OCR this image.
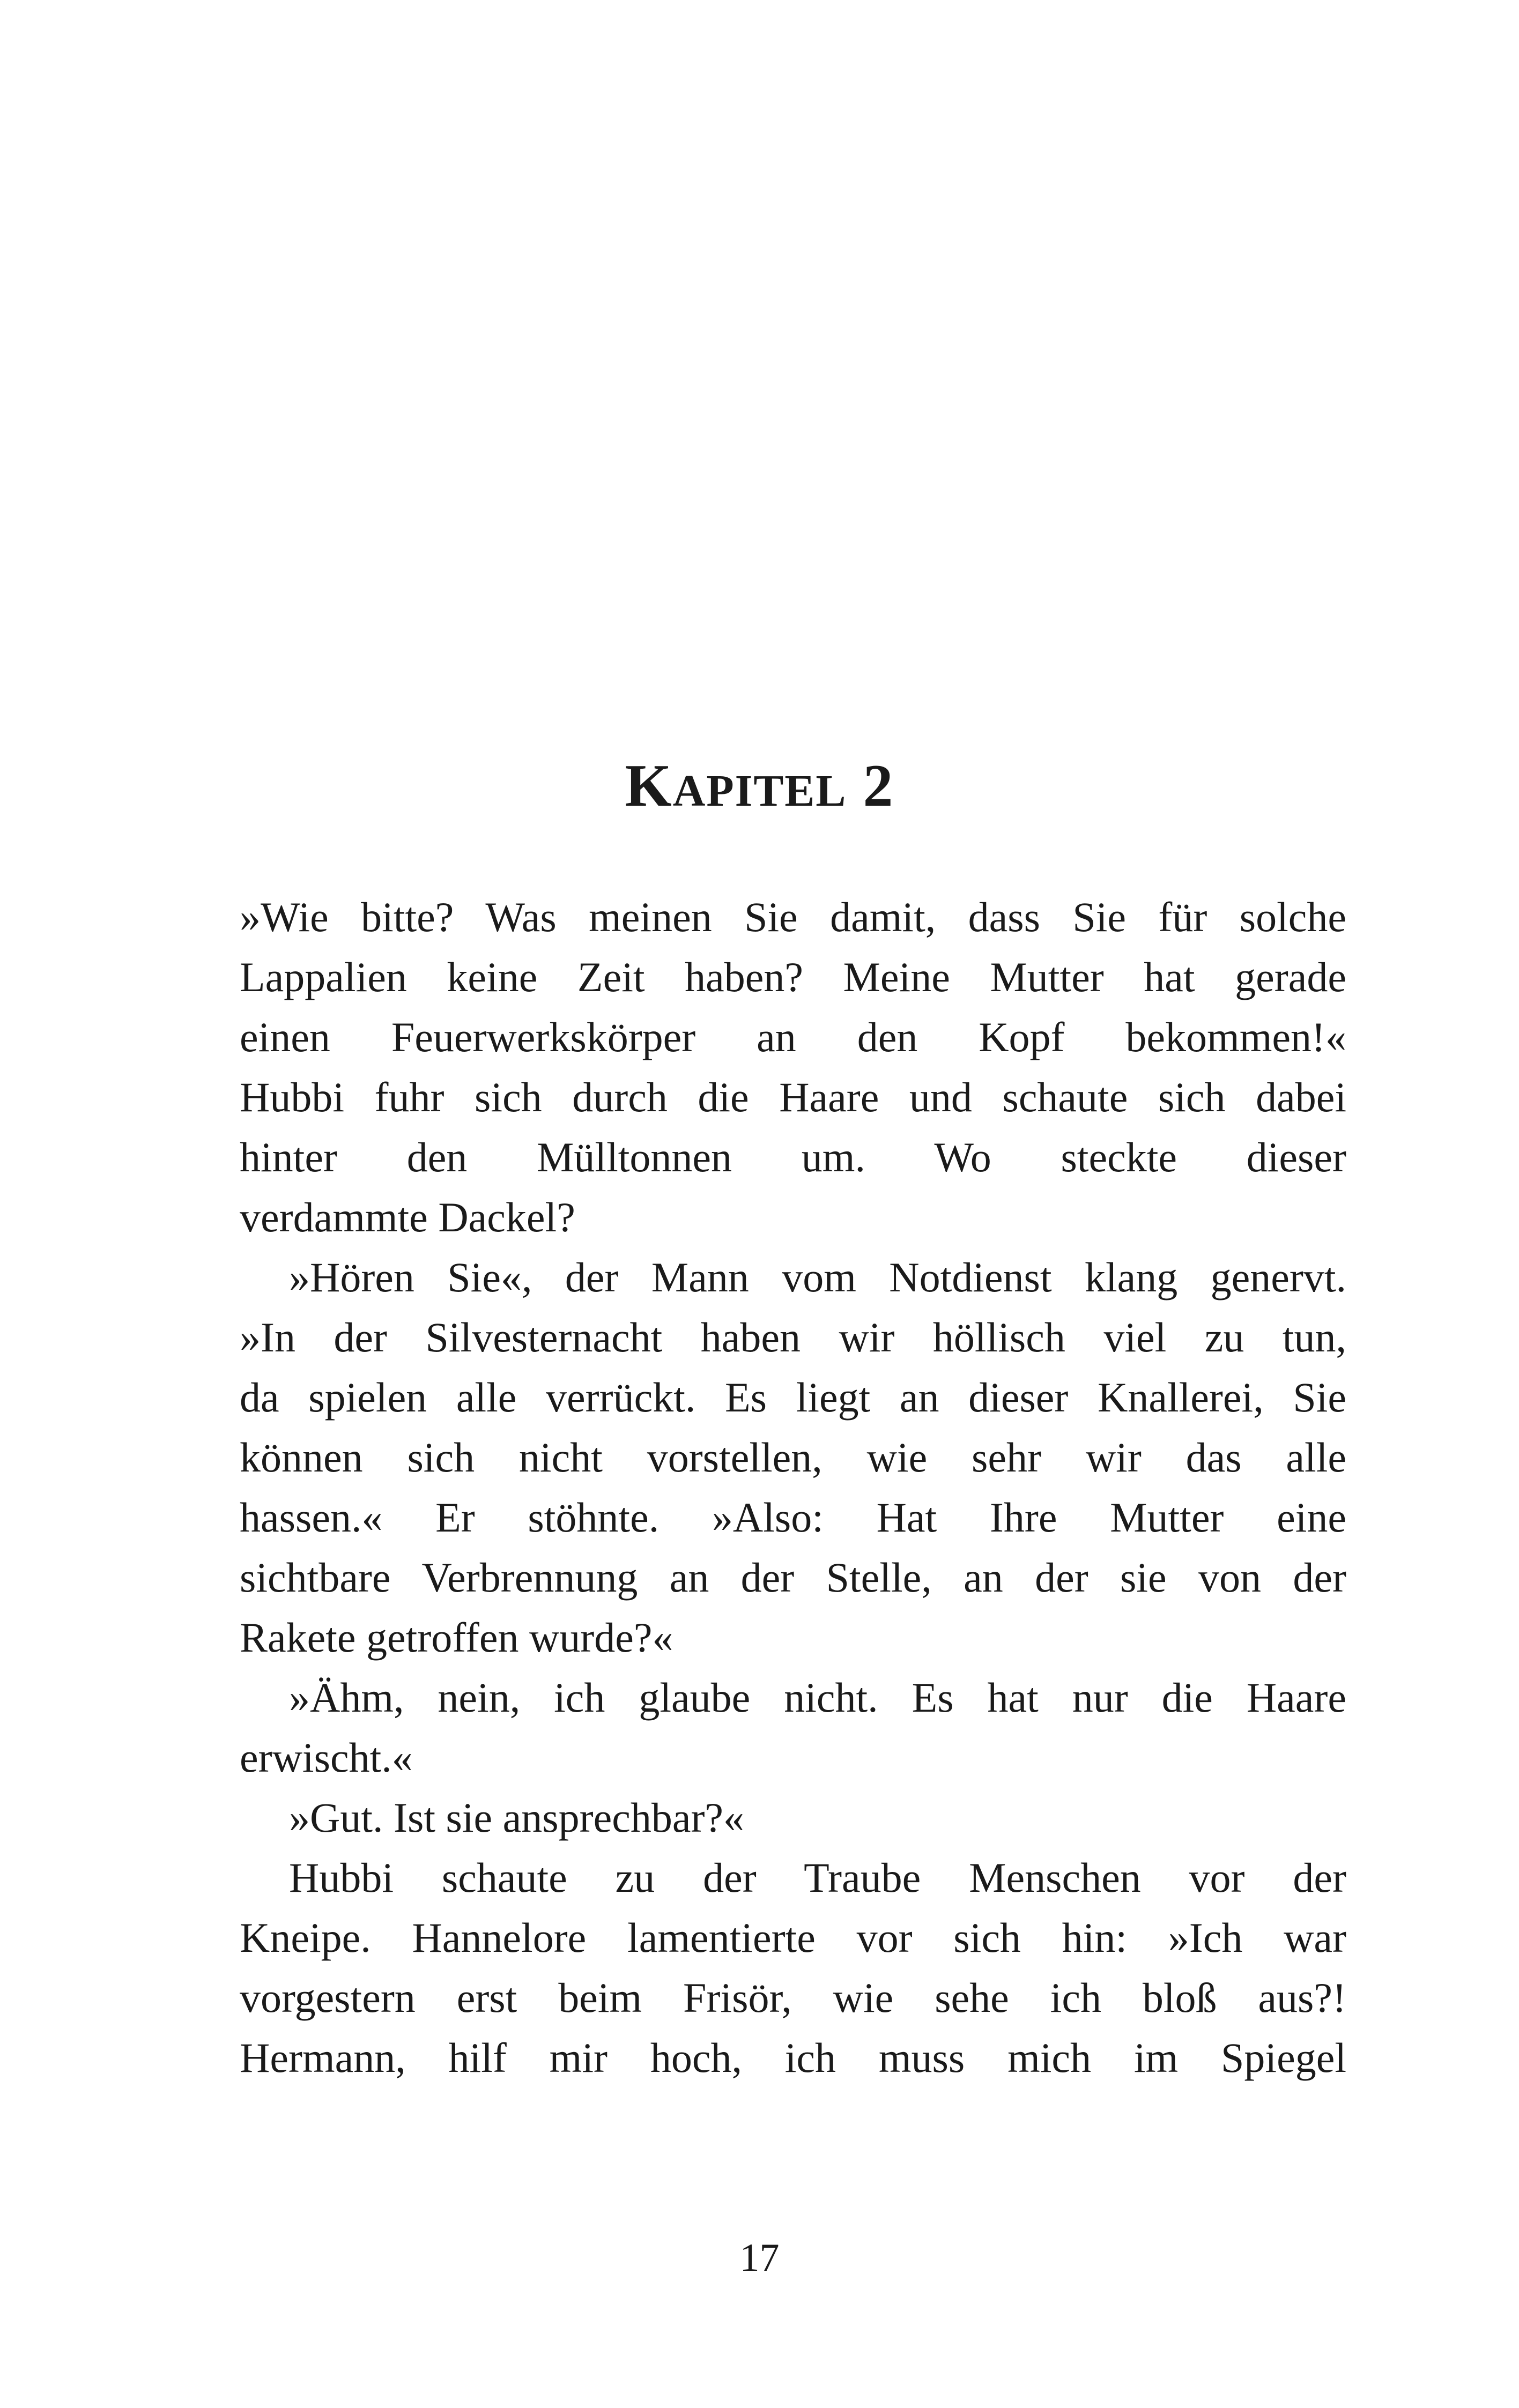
KAPITEL 2
»Wie bitte? Was meinen Sie damit, dass Sie für solche
Lappalien keine Zeit haben? Meine Mutter hat gerade
einen Feuerwerkskörper an den Kopf bekommen!«
Hubbi fuhr sich durch die Haare und schaute sich dabei
hinter den Mülltonnen um. Wo steckte dieser
verdammte Dackel?
»Hören Sie«, der Mann vom Notdienst klang genervt.
»In der Silvesternacht haben wir höllisch viel zu tun,
da spielen alle verrückt. Es liegt an dieser Knallerei, Sie
können sich nicht vorstellen, wie sehr wir das alle
hassen.« Er stöhnte. »Also: Hat Ihre Mutter eine
sichtbare Verbrennung an der Stelle, an der sie von der
Rakete getroffen wurde?«
»Ähm, nein, ich glaube nicht. Es hat nur die Haare
erwischt.«
»Gut. Ist sie ansprechbar?«
Hubbi schaute zu der Traube Menschen vor der
Kneipe. Hannelore lamentierte vor sich hin: »Ich war
vorgestern erst beim Frisör, wie sehe ich bloß aus?!
Hermann, hilf mir hoch, ich muss mich im Spiegel
17
